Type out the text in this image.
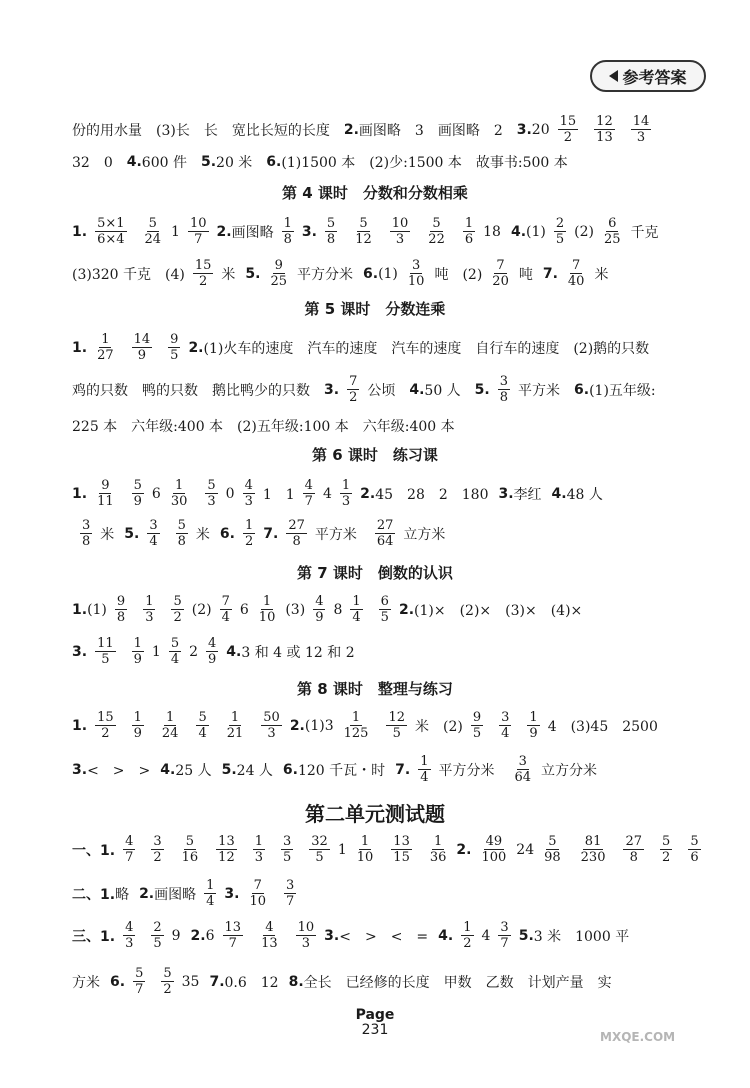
参考答案
份的用水量　(3)长　长　宽比长短的长度　 2. 画图略　3　画图略　2　 3. $20 \frac{15}{2} \frac{12}{13} \frac{14}{3}$
32　0　 4. 600 件　 5. 20 米　 6. (1)1500 本　(2)少:1500 本　故事书:500 本
第 4 课时　分数和分数相乘
1. $\frac{5\times 1}{6\times 4} \frac{5}{24} 1 \frac{10}{7} 2$. 画图略 $\frac{1}{8} 3$. $\frac{5}{8} \frac{5}{12} \frac{10}{3} \frac{5}{22} \frac{1}{6} 18$ 4. $(1) \frac{2}{5} (2) \frac{6}{25}$ 千克
(3)320 千克　$(4) \frac{15}{2}$ 米 5. $\frac{9}{25}$ 平方分米 6. $(1) \frac{3}{10}$ 吨　$(2) \frac{7}{20}$ 吨 7. $\frac{7}{40}$ 米
第 5 课时　分数连乘
1. $\frac{1}{27} \frac{14}{9} \frac{9}{5} 2$. (1)火车的速度　汽车的速度　汽车的速度　自行车的速度　(2)鹅的只数
鸡的只数　鸭的只数　鹅比鸭少的只数　 3. $\frac{7}{2}$ 公顷　 4. 50 人　 5. $\frac{3}{8}$ 平方米　 6. (1)五年级:
225 本　六年级:400 本　(2)五年级:100 本　六年级:400 本
第 6 课时　练习课
1. $\frac{9}{11} \frac{5}{9} 6 \frac{1}{30} \frac{5}{3} 0 \frac{4}{3} 1$　$1 \frac{4}{7} 4 \frac{1}{3} 2$. 45　28　2　180 3. 李红 4. 48 人
$\frac{3}{8}$ 米 5. $\frac{3}{4} \frac{5}{8}$ 米 6. $\frac{1}{2} 7$. $\frac{27}{8}$ 平方米 $\frac{27}{64}$ 立方米
第 7 课时　倒数的认识
1. $(1) \frac{9}{8} \frac{1}{3} \frac{5}{2} (2) \frac{7}{4} 6 \frac{1}{10} (3) \frac{4}{9} 8 \frac{1}{4} \frac{6}{5} 2$. (1)×　(2)×　(3)×　(4)×
3. $\frac{11}{5} \frac{1}{9} 1 \frac{5}{4} 2 \frac{4}{9} 4$. 3 和 4 或 12 和 2
第 8 课时　整理与练习
1. $\frac{15}{2} \frac{1}{9} \frac{1}{24} \frac{5}{4} \frac{1}{21} \frac{50}{3} 2$. $(1)3 \frac{1}{125} \frac{12}{5}$ 米　$(2) \frac{9}{5} \frac{3}{4} \frac{1}{9} 4$　(3)45　2500
3. <　>　> 4. 25 人 5. 24 人 6. 120 千瓦・时 7. $\frac{1}{4}$ 平方分米 $\frac{3}{64}$ 立方分米
第二单元测试题
一、1. $\frac{4}{7} \frac{3}{2} \frac{5}{16} \frac{13}{12} \frac{1}{3} \frac{3}{5} \frac{32}{5} 1 \frac{1}{10} \frac{13}{15} \frac{1}{36} 2$. $\frac{49}{100} 24 \frac{5}{98} \frac{81}{230} \frac{27}{8} \frac{5}{2} \frac{5}{6}$
二、1. 略 2. 画图略 $\frac{1}{4} 3$. $\frac{7}{10} \frac{3}{7}$
三、1. $\frac{4}{3} \frac{2}{5} 9$ 2. $6 \frac{13}{7} \frac{4}{13} \frac{10}{3} 3$. <　>　<　= 4. $\frac{1}{2} 4 \frac{3}{7} 5$. 3 米　1000 平
方米 6. $\frac{5}{7} \frac{5}{2} 35$ 7. 0.6　12 8. 全长　已经修的长度　甲数　乙数　计划产量　实
Page
231	MXQE.COM
